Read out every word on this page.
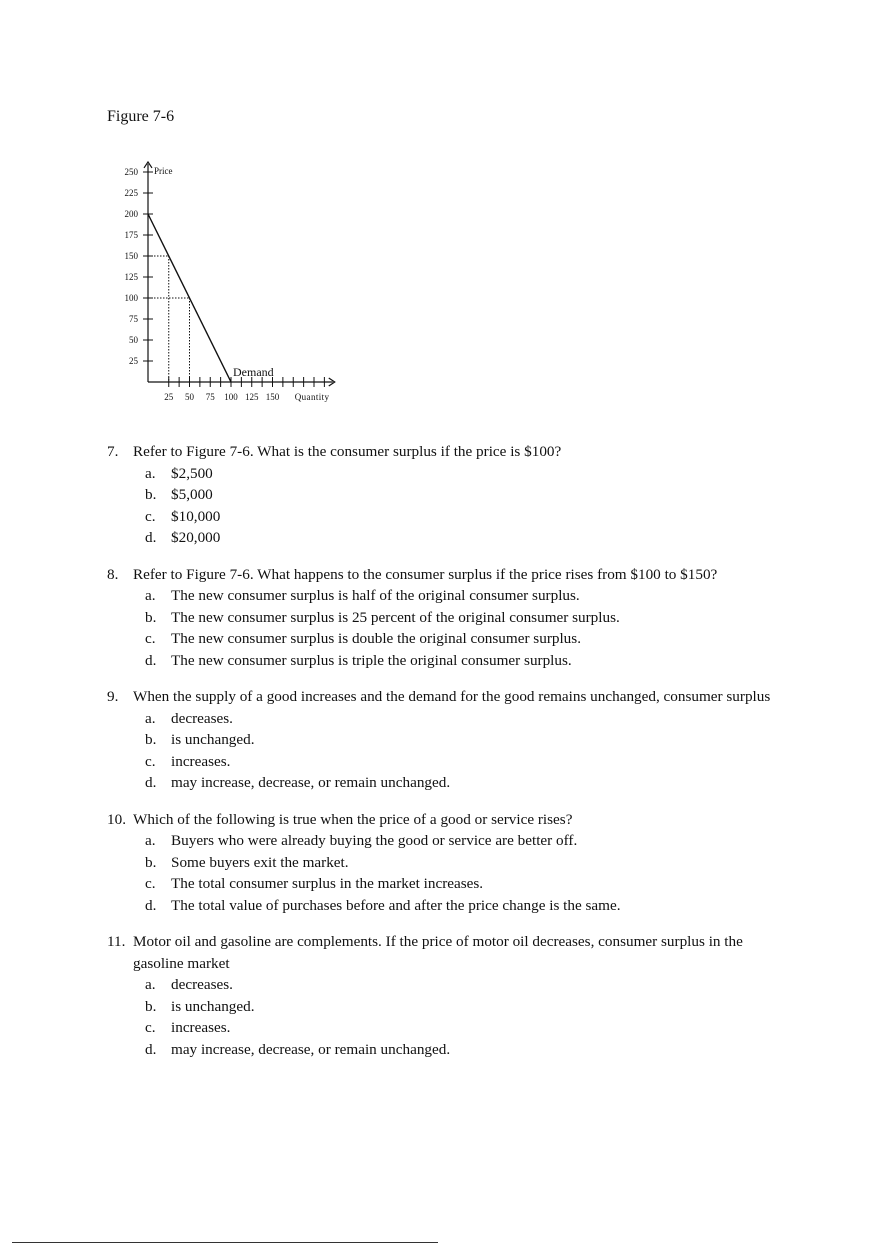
Figure 7-6
Price
Quantity
25
50
75
100
125
150
175
200
225
250
25 50 75 100 125 150
Demand
7. Refer to Figure 7-6. What is the consumer surplus if the price is $100?
a.	$2,500
b. $5,000
c.	$10,000
d. $20,000
8. Refer to Figure 7-6. What happens to the consumer surplus if the price rises from $100 to $150?
a.	The new consumer surplus is half of the original consumer surplus.
b. The new consumer surplus is 25 percent of the original consumer surplus.
c.	The new consumer surplus is double the original consumer surplus.
d. The new consumer surplus is triple the original consumer surplus.
9. When the supply of a good increases and the demand for the good remains unchanged, consumer surplus
a.	decreases.
b. is unchanged.
c.	increases.
d. may increase, decrease, or remain unchanged.
10. Which of the following is true when the price of a good or service rises?
a.	Buyers who were already buying the good or service are better off.
b. Some buyers exit the market.
c.	The total consumer surplus in the market increases.
d. The total value of purchases before and after the price change is the same.
11. Motor oil and gasoline are complements. If the price of motor oil decreases, consumer surplus in the gasoline market
a.	decreases.
b. is unchanged.
c.	increases.
d. may increase, decrease, or remain unchanged.
